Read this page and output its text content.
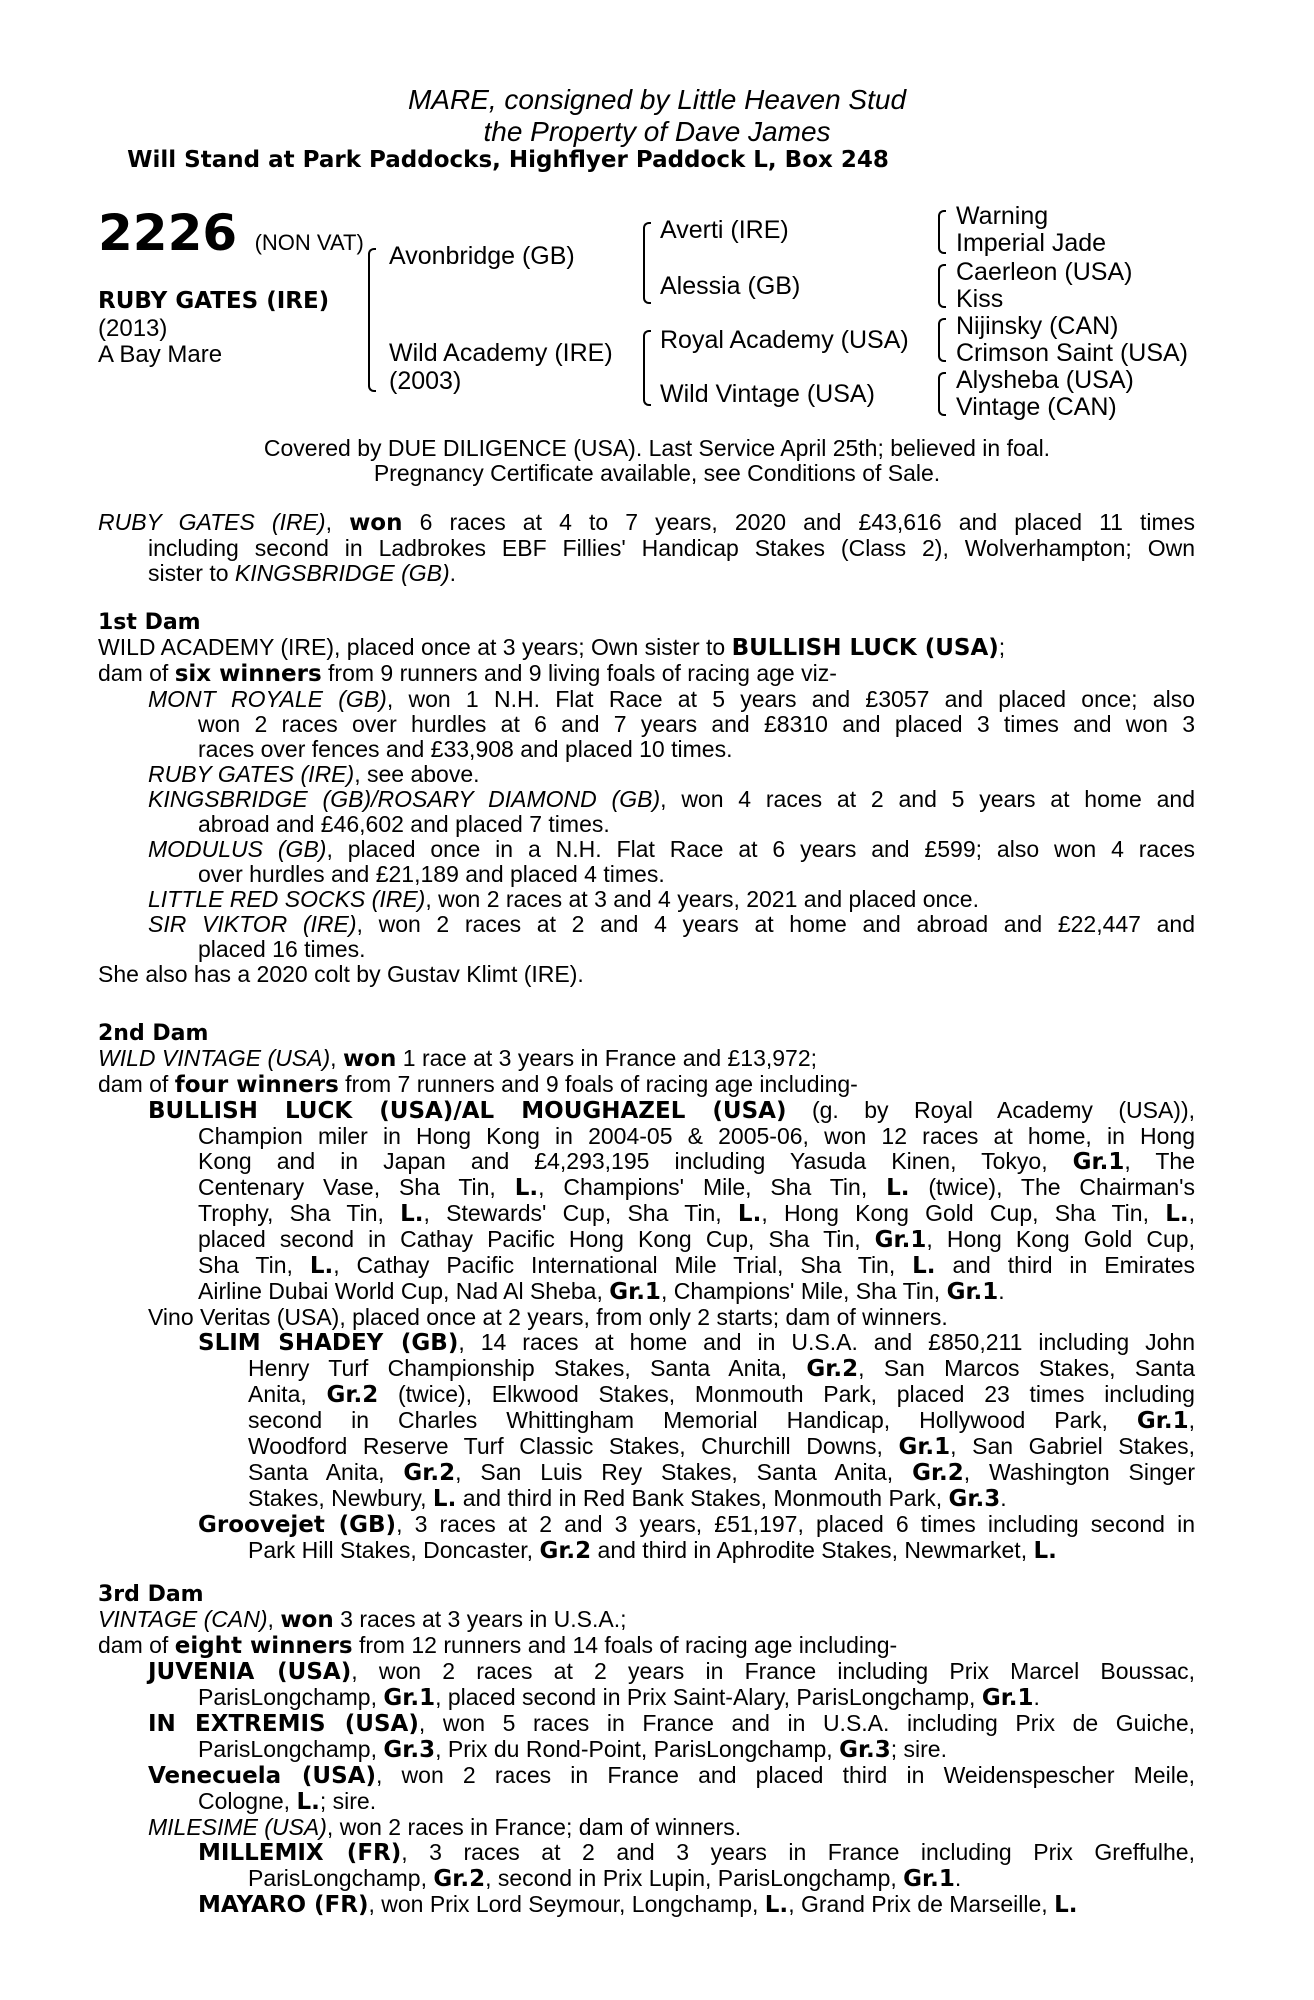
MARE, consigned by Little Heaven Stud
the Property of Dave James
Will Stand at Park Paddocks, Highflyer Paddock L, Box 248
2226 (NON VAT)
RUBY GATES (IRE)
(2013)
A Bay Mare
Avonbridge (GB)
Wild Academy (IRE)
(2003)
Averti (IRE)
Alessia (GB)
Royal Academy (USA)
Wild Vintage (USA)
Warning
Imperial Jade
Caerleon (USA)
Kiss
Nijinsky (CAN)
Crimson Saint (USA)
Alysheba (USA)
Vintage (CAN)
Covered by DUE DILIGENCE (USA). Last Service April 25th; believed in foal.
Pregnancy Certificate available, see Conditions of Sale.
RUBY GATES (IRE), won 6 races at 4 to 7 years, 2020 and £43,616 and placed 11 times
including second in Ladbrokes EBF Fillies' Handicap Stakes (Class 2), Wolverhampton; Own
sister to KINGSBRIDGE (GB).
1st Dam
WILD ACADEMY (IRE), placed once at 3 years; Own sister to BULLISH LUCK (USA);
dam of six winners from 9 runners and 9 living foals of racing age viz-
MONT ROYALE (GB), won 1 N.H. Flat Race at 5 years and £3057 and placed once; also
won 2 races over hurdles at 6 and 7 years and £8310 and placed 3 times and won 3
races over fences and £33,908 and placed 10 times.
RUBY GATES (IRE), see above.
KINGSBRIDGE (GB)/ROSARY DIAMOND (GB), won 4 races at 2 and 5 years at home and
abroad and £46,602 and placed 7 times.
MODULUS (GB), placed once in a N.H. Flat Race at 6 years and £599; also won 4 races
over hurdles and £21,189 and placed 4 times.
LITTLE RED SOCKS (IRE), won 2 races at 3 and 4 years, 2021 and placed once.
SIR VIKTOR (IRE), won 2 races at 2 and 4 years at home and abroad and £22,447 and
placed 16 times.
She also has a 2020 colt by Gustav Klimt (IRE).
2nd Dam
WILD VINTAGE (USA), won 1 race at 3 years in France and £13,972;
dam of four winners from 7 runners and 9 foals of racing age including-
BULLISH LUCK (USA)/AL MOUGHAZEL (USA) (g. by Royal Academy (USA)),
Champion miler in Hong Kong in 2004-05 & 2005-06, won 12 races at home, in Hong
Kong and in Japan and £4,293,195 including Yasuda Kinen, Tokyo, Gr.1, The
Centenary Vase, Sha Tin, L., Champions' Mile, Sha Tin, L. (twice), The Chairman's
Trophy, Sha Tin, L., Stewards' Cup, Sha Tin, L., Hong Kong Gold Cup, Sha Tin, L.,
placed second in Cathay Pacific Hong Kong Cup, Sha Tin, Gr.1, Hong Kong Gold Cup,
Sha Tin, L., Cathay Pacific International Mile Trial, Sha Tin, L. and third in Emirates
Airline Dubai World Cup, Nad Al Sheba, Gr.1, Champions' Mile, Sha Tin, Gr.1.
Vino Veritas (USA), placed once at 2 years, from only 2 starts; dam of winners.
SLIM SHADEY (GB), 14 races at home and in U.S.A. and £850,211 including John
Henry Turf Championship Stakes, Santa Anita, Gr.2, San Marcos Stakes, Santa
Anita, Gr.2 (twice), Elkwood Stakes, Monmouth Park, placed 23 times including
second in Charles Whittingham Memorial Handicap, Hollywood Park, Gr.1,
Woodford Reserve Turf Classic Stakes, Churchill Downs, Gr.1, San Gabriel Stakes,
Santa Anita, Gr.2, San Luis Rey Stakes, Santa Anita, Gr.2, Washington Singer
Stakes, Newbury, L. and third in Red Bank Stakes, Monmouth Park, Gr.3.
Groovejet (GB), 3 races at 2 and 3 years, £51,197, placed 6 times including second in
Park Hill Stakes, Doncaster, Gr.2 and third in Aphrodite Stakes, Newmarket, L.
3rd Dam
VINTAGE (CAN), won 3 races at 3 years in U.S.A.;
dam of eight winners from 12 runners and 14 foals of racing age including-
JUVENIA (USA), won 2 races at 2 years in France including Prix Marcel Boussac,
ParisLongchamp, Gr.1, placed second in Prix Saint-Alary, ParisLongchamp, Gr.1.
IN EXTREMIS (USA), won 5 races in France and in U.S.A. including Prix de Guiche,
ParisLongchamp, Gr.3, Prix du Rond-Point, ParisLongchamp, Gr.3; sire.
Venecuela (USA), won 2 races in France and placed third in Weidenspescher Meile,
Cologne, L.; sire.
MILESIME (USA), won 2 races in France; dam of winners.
MILLEMIX (FR), 3 races at 2 and 3 years in France including Prix Greffulhe,
ParisLongchamp, Gr.2, second in Prix Lupin, ParisLongchamp, Gr.1.
MAYARO (FR), won Prix Lord Seymour, Longchamp, L., Grand Prix de Marseille, L.
